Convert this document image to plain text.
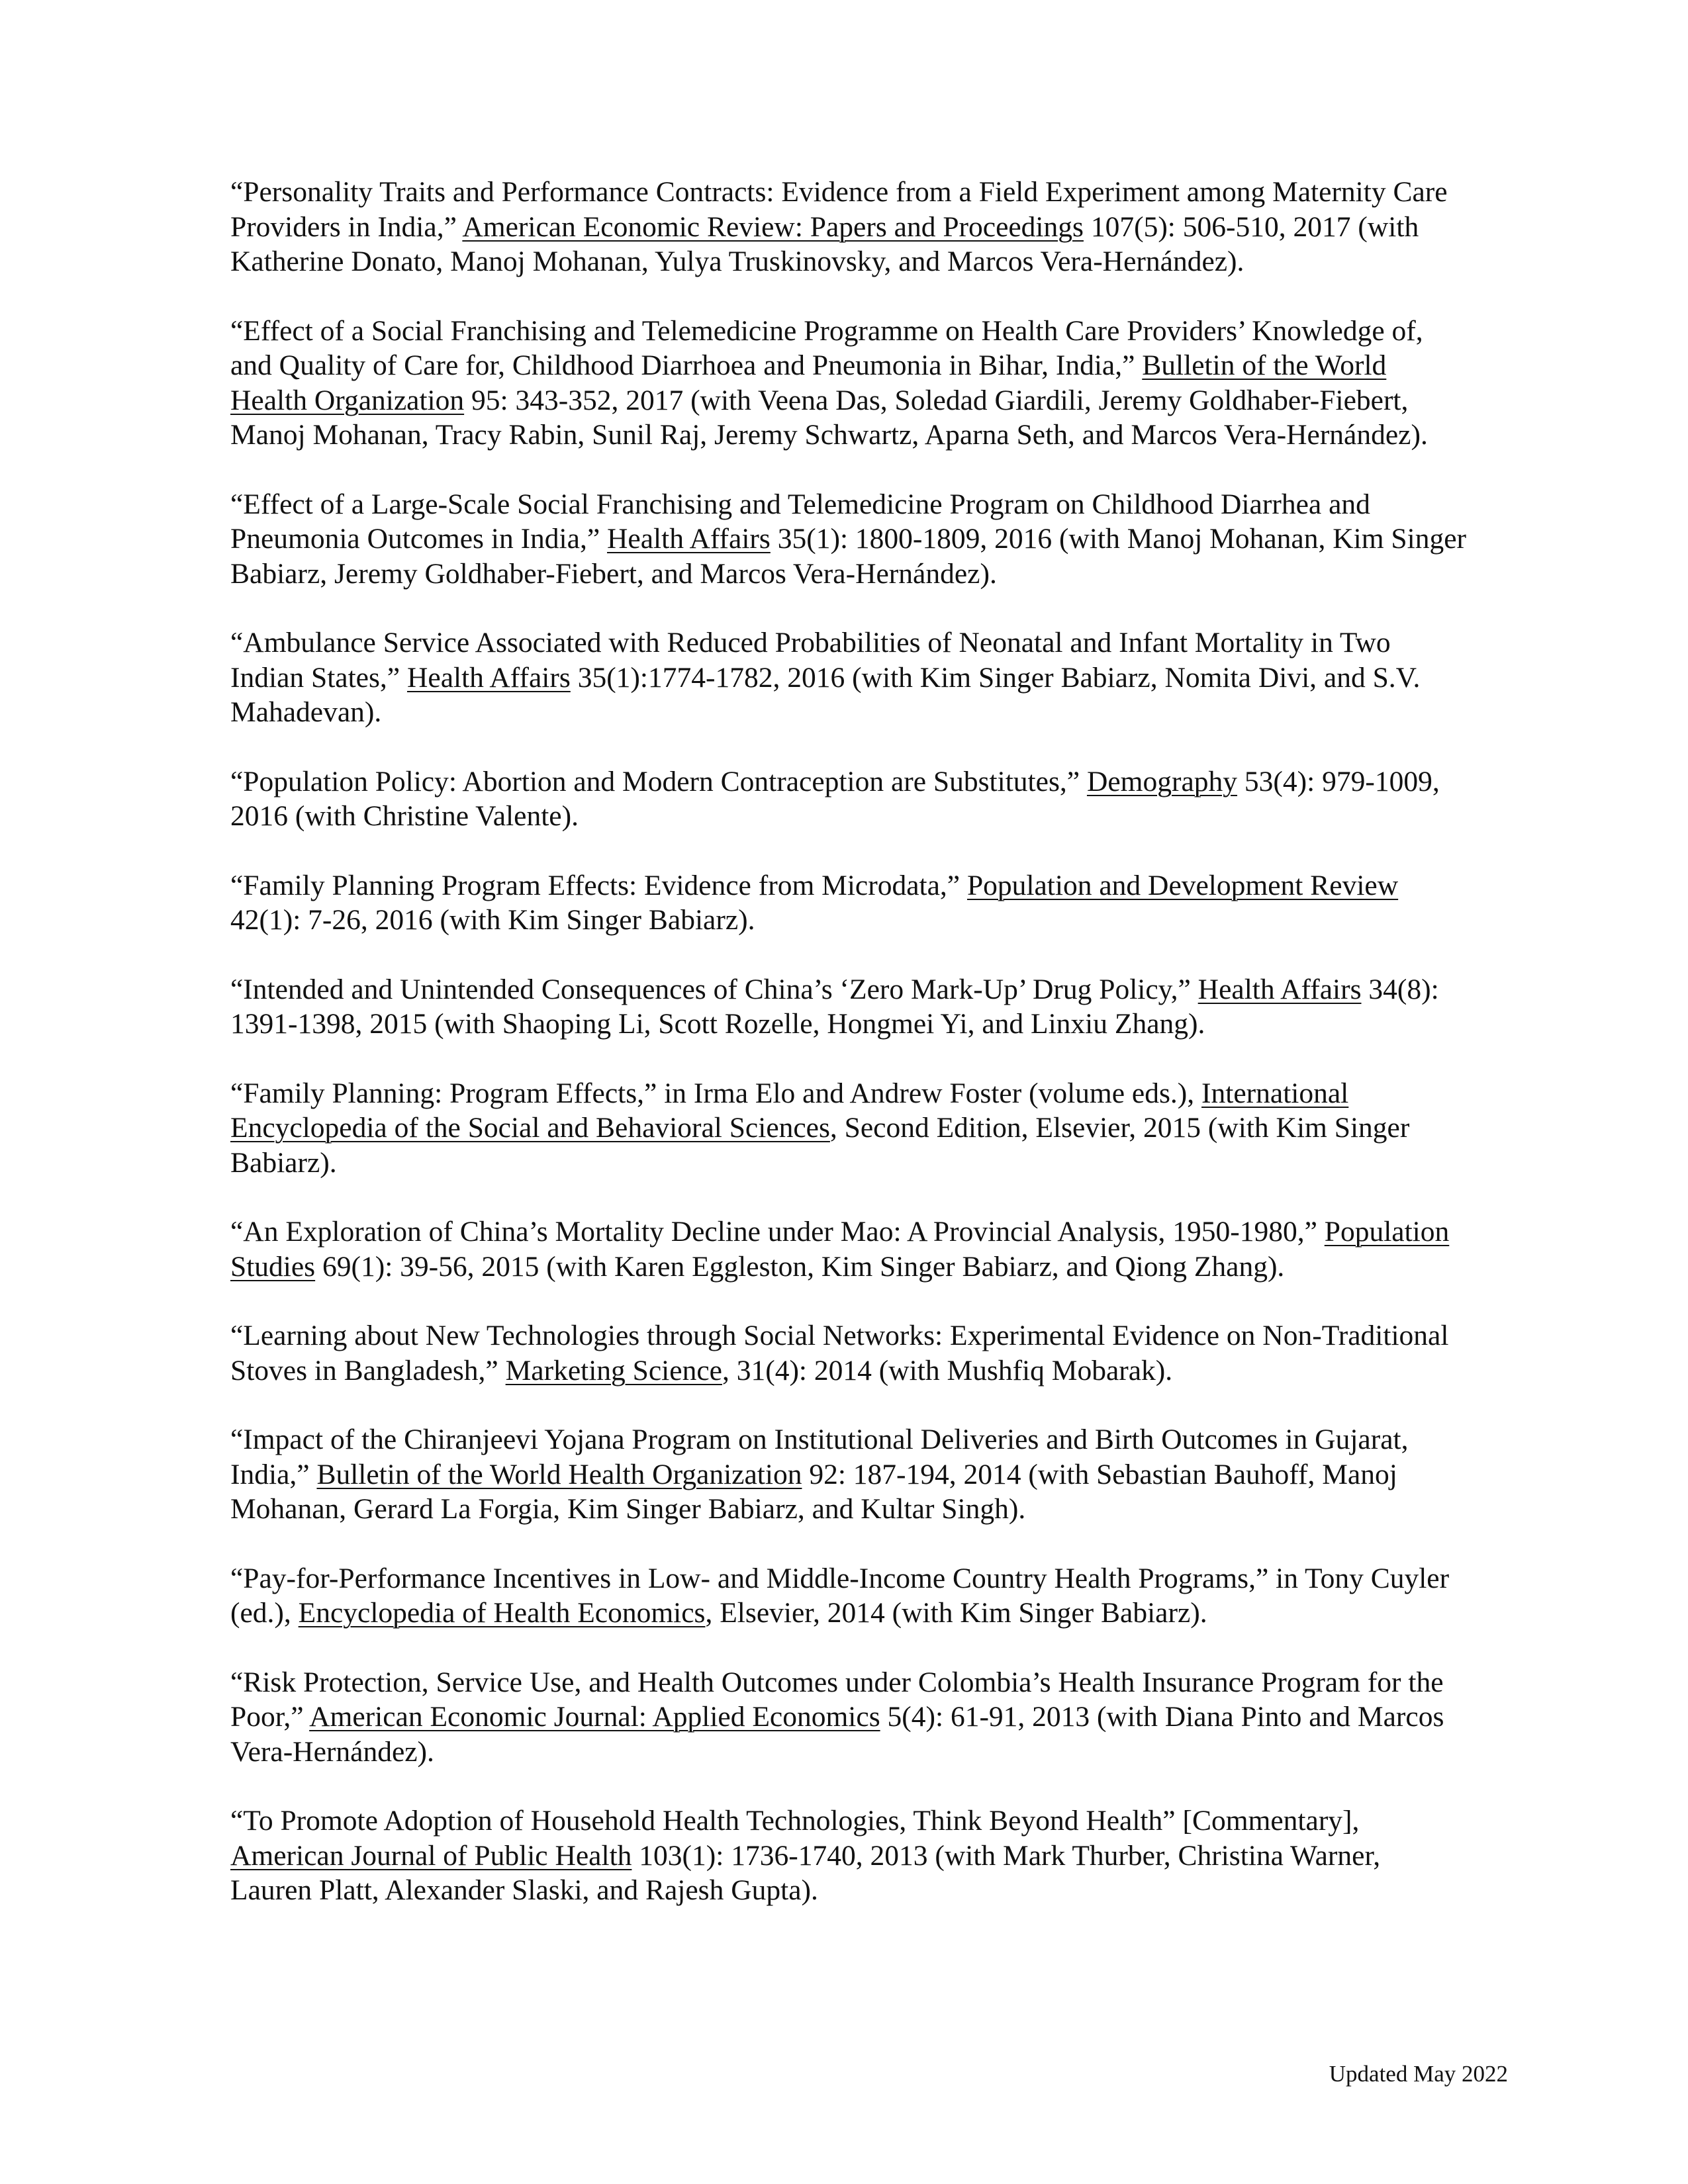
“Personality Traits and Performance Contracts: Evidence from a Field Experiment among Maternity Care Providers in India,” American Economic Review: Papers and Proceedings 107(5): 506-510, 2017 (with Katherine Donato, Manoj Mohanan, Yulya Truskinovsky, and Marcos Vera-Hernández).

“Effect of a Social Franchising and Telemedicine Programme on Health Care Providers’ Knowledge of, and Quality of Care for, Childhood Diarrhoea and Pneumonia in Bihar, India,” Bulletin of the World Health Organization 95: 343-352, 2017 (with Veena Das, Soledad Giardili, Jeremy Goldhaber-Fiebert, Manoj Mohanan, Tracy Rabin, Sunil Raj, Jeremy Schwartz, Aparna Seth, and Marcos Vera-Hernández).

“Effect of a Large-Scale Social Franchising and Telemedicine Program on Childhood Diarrhea and Pneumonia Outcomes in India,” Health Affairs 35(1): 1800-1809, 2016 (with Manoj Mohanan, Kim Singer Babiarz, Jeremy Goldhaber-Fiebert, and Marcos Vera-Hernández).

“Ambulance Service Associated with Reduced Probabilities of Neonatal and Infant Mortality in Two Indian States,” Health Affairs 35(1):1774-1782, 2016 (with Kim Singer Babiarz, Nomita Divi, and S.V. Mahadevan).

“Population Policy: Abortion and Modern Contraception are Substitutes,” Demography 53(4): 979-1009, 2016 (with Christine Valente).

“Family Planning Program Effects: Evidence from Microdata,” Population and Development Review 42(1): 7-26, 2016 (with Kim Singer Babiarz).

“Intended and Unintended Consequences of China’s ‘Zero Mark-Up’ Drug Policy,” Health Affairs 34(8): 1391-1398, 2015 (with Shaoping Li, Scott Rozelle, Hongmei Yi, and Linxiu Zhang).

“Family Planning: Program Effects,” in Irma Elo and Andrew Foster (volume eds.), International Encyclopedia of the Social and Behavioral Sciences, Second Edition, Elsevier, 2015 (with Kim Singer Babiarz).

“An Exploration of China’s Mortality Decline under Mao: A Provincial Analysis, 1950-1980,” Population Studies 69(1): 39-56, 2015 (with Karen Eggleston, Kim Singer Babiarz, and Qiong Zhang).

“Learning about New Technologies through Social Networks: Experimental Evidence on Non-Traditional Stoves in Bangladesh,” Marketing Science, 31(4): 2014 (with Mushfiq Mobarak).

“Impact of the Chiranjeevi Yojana Program on Institutional Deliveries and Birth Outcomes in Gujarat, India,” Bulletin of the World Health Organization 92: 187-194, 2014 (with Sebastian Bauhoff, Manoj Mohanan, Gerard La Forgia, Kim Singer Babiarz, and Kultar Singh).

“Pay-for-Performance Incentives in Low- and Middle-Income Country Health Programs,” in Tony Cuyler (ed.), Encyclopedia of Health Economics, Elsevier, 2014 (with Kim Singer Babiarz).

“Risk Protection, Service Use, and Health Outcomes under Colombia’s Health Insurance Program for the Poor,” American Economic Journal: Applied Economics 5(4): 61-91, 2013 (with Diana Pinto and Marcos Vera-Hernández).

“To Promote Adoption of Household Health Technologies, Think Beyond Health” [Commentary], American Journal of Public Health 103(1): 1736-1740, 2013 (with Mark Thurber, Christina Warner, Lauren Platt, Alexander Slaski, and Rajesh Gupta).

Updated May 2022
